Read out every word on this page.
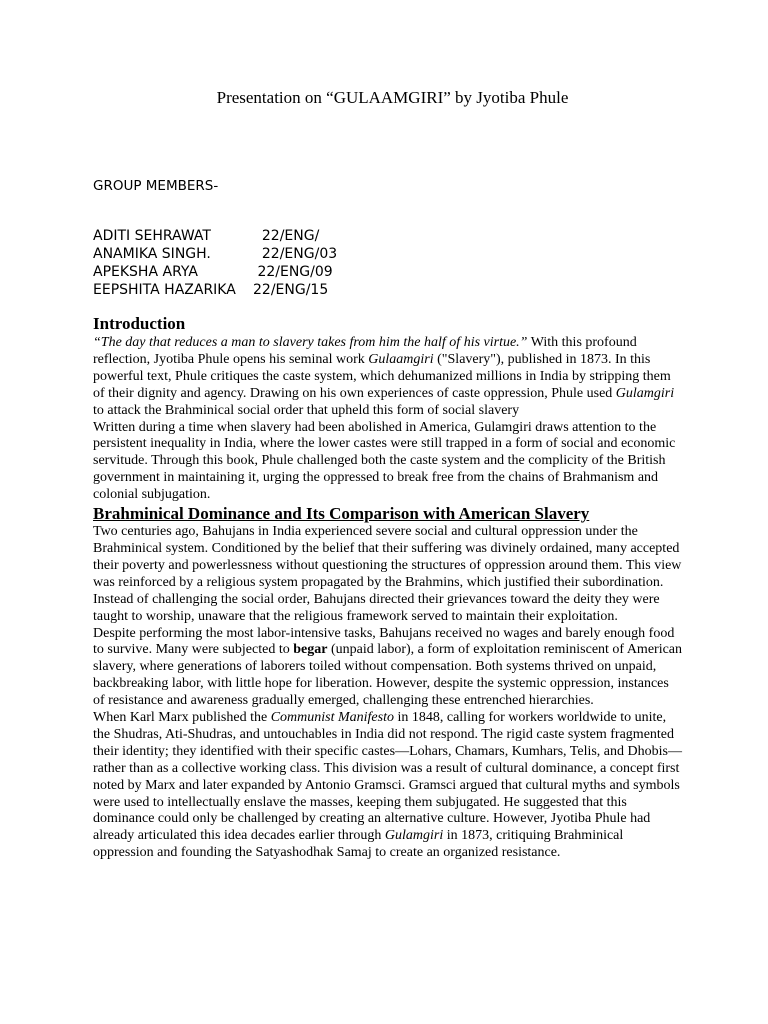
Presentation on “GULAAMGIRI” by Jyotiba Phule
GROUP MEMBERS-
ADITI SEHRAWAT	22/ENG/
ANAMIKA SINGH.	22/ENG/03
APEKSHA ARYA	22/ENG/09
EEPSHITA HAZARIKA 22/ENG/15
Introduction

“The day that reduces a man to slavery takes from him the half of his virtue.” With this profound reflection, Jyotiba Phule opens his seminal work Gulaamgiri ("Slavery"), published in 1873. In this powerful text, Phule critiques the caste system, which dehumanized millions in India by stripping them of their dignity and agency. Drawing on his own experiences of caste oppression, Phule used Gulamgiri to attack the Brahminical social order that upheld this form of social slavery

Written during a time when slavery had been abolished in America, Gulamgiri draws attention to the persistent inequality in India, where the lower castes were still trapped in a form of social and economic servitude. Through this book, Phule challenged both the caste system and the complicity of the British government in maintaining it, urging the oppressed to break free from the chains of Brahmanism and colonial subjugation.

Brahminical Dominance and Its Comparison with American Slavery

Two centuries ago, Bahujans in India experienced severe social and cultural oppression under the Brahminical system. Conditioned by the belief that their suffering was divinely ordained, many accepted their poverty and powerlessness without questioning the structures of oppression around them. This view was reinforced by a religious system propagated by the Brahmins, which justified their subordination. Instead of challenging the social order, Bahujans directed their grievances toward the deity they were taught to worship, unaware that the religious framework served to maintain their exploitation.

Despite performing the most labor-intensive tasks, Bahujans received no wages and barely enough food to survive. Many were subjected to begar (unpaid labor), a form of exploitation reminiscent of American slavery, where generations of laborers toiled without compensation. Both systems thrived on unpaid, backbreaking labor, with little hope for liberation. However, despite the systemic oppression, instances of resistance and awareness gradually emerged, challenging these entrenched hierarchies.

When Karl Marx published the Communist Manifesto in 1848, calling for workers worldwide to unite, the Shudras, Ati-Shudras, and untouchables in India did not respond. The rigid caste system fragmented their identity; they identified with their specific castes—Lohars, Chamars, Kumhars, Telis, and Dhobis—rather than as a collective working class. This division was a result of cultural dominance, a concept first noted by Marx and later expanded by Antonio Gramsci. Gramsci argued that cultural myths and symbols were used to intellectually enslave the masses, keeping them subjugated. He suggested that this dominance could only be challenged by creating an alternative culture. However, Jyotiba Phule had already articulated this idea decades earlier through Gulamgiri in 1873, critiquing Brahminical oppression and founding the Satyashodhak Samaj to create an organized resistance.
